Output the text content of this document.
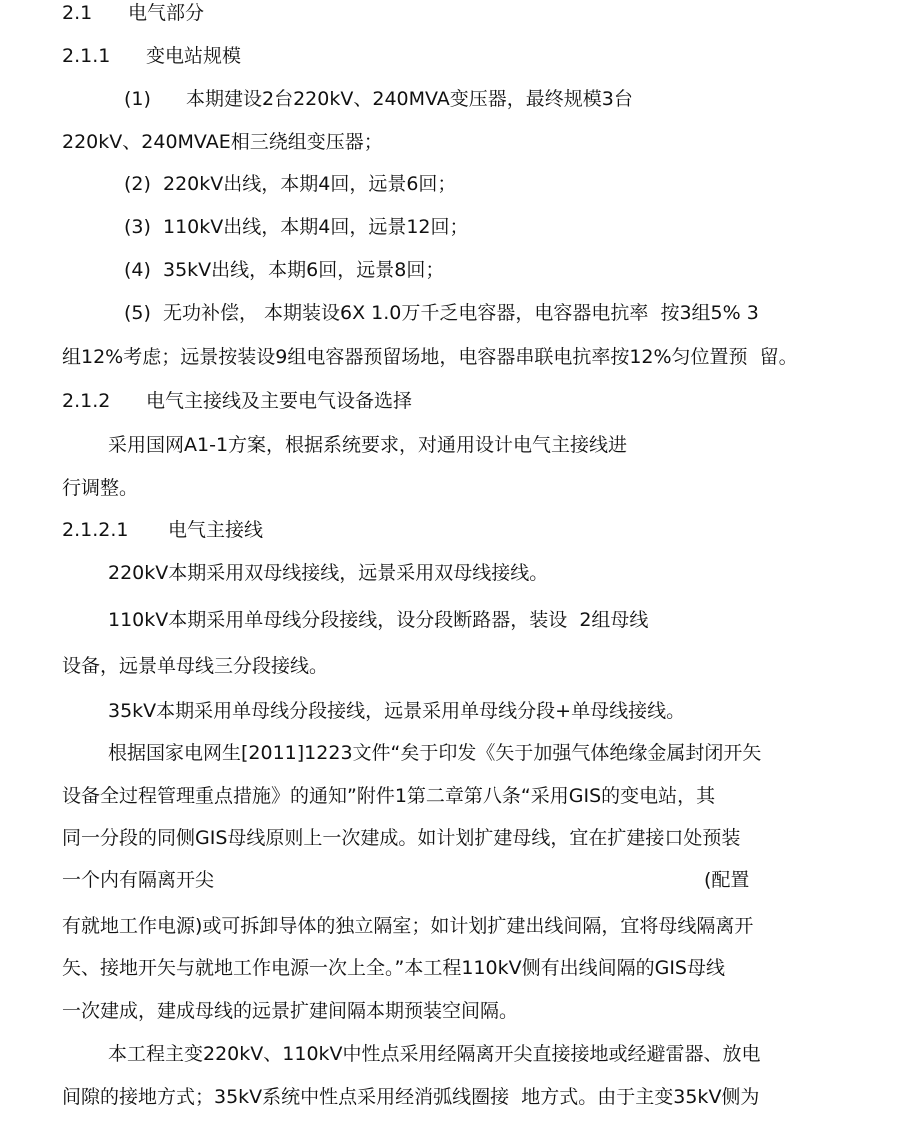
2.1 电气部分
2.1.1 变电站规模
(1) 本期建设2台220kV、240MVA变压器，最终规模3台
220kV、240MVAE相三绕组变压器；
(2)  220kV出线，本期4回，远景6回；
(3)  110kV出线，本期4回，远景12回；
(4)  35kV出线，本期6回，远景8回；
(5)  无功补偿， 本期装设6X 1.0万千乏电容器，电容器电抗率  按3组5% 3
组12%考虑；远景按装设9组电容器预留场地，电容器串联电抗率按12%匀位置预  留。
2.1.2 电气主接线及主要电气设备选择
采用国网A1-1方案，根据系统要求，对通用设计电气主接线进
行调整。
2.1.2.1 电气主接线
220kV本期采用双母线接线，远景采用双母线接线。
110kV本期采用单母线分段接线，设分段断路器，装设  2组母线
设备，远景单母线三分段接线。
35kV本期采用单母线分段接线，远景采用单母线分段+单母线接线。
根据国家电网生[2011]1223文件“矣于印发《矢于加强气体绝缘金属封闭开矢
设备全过程管理重点措施》的通知”附件1第二章第八条“采用GIS的变电站，其
同一分段的同侧GIS母线原则上一次建成。如计划扩建母线，宜在扩建接口处预装
一个内有隔离开尖	(配置
有就地工作电源)或可拆卸导体的独立隔室；如计划扩建出线间隔，宜将母线隔离开
矢、接地开矢与就地工作电源一次上全。”本工程110kV侧有出线间隔的GIS母线
一次建成，建成母线的远景扩建间隔本期预装空间隔。
本工程主变220kV、110kV中性点采用经隔离开尖直接接地或经避雷器、放电
间隙的接地方式；35kV系统中性点采用经消弧线圈接  地方式。由于主变35kV侧为
